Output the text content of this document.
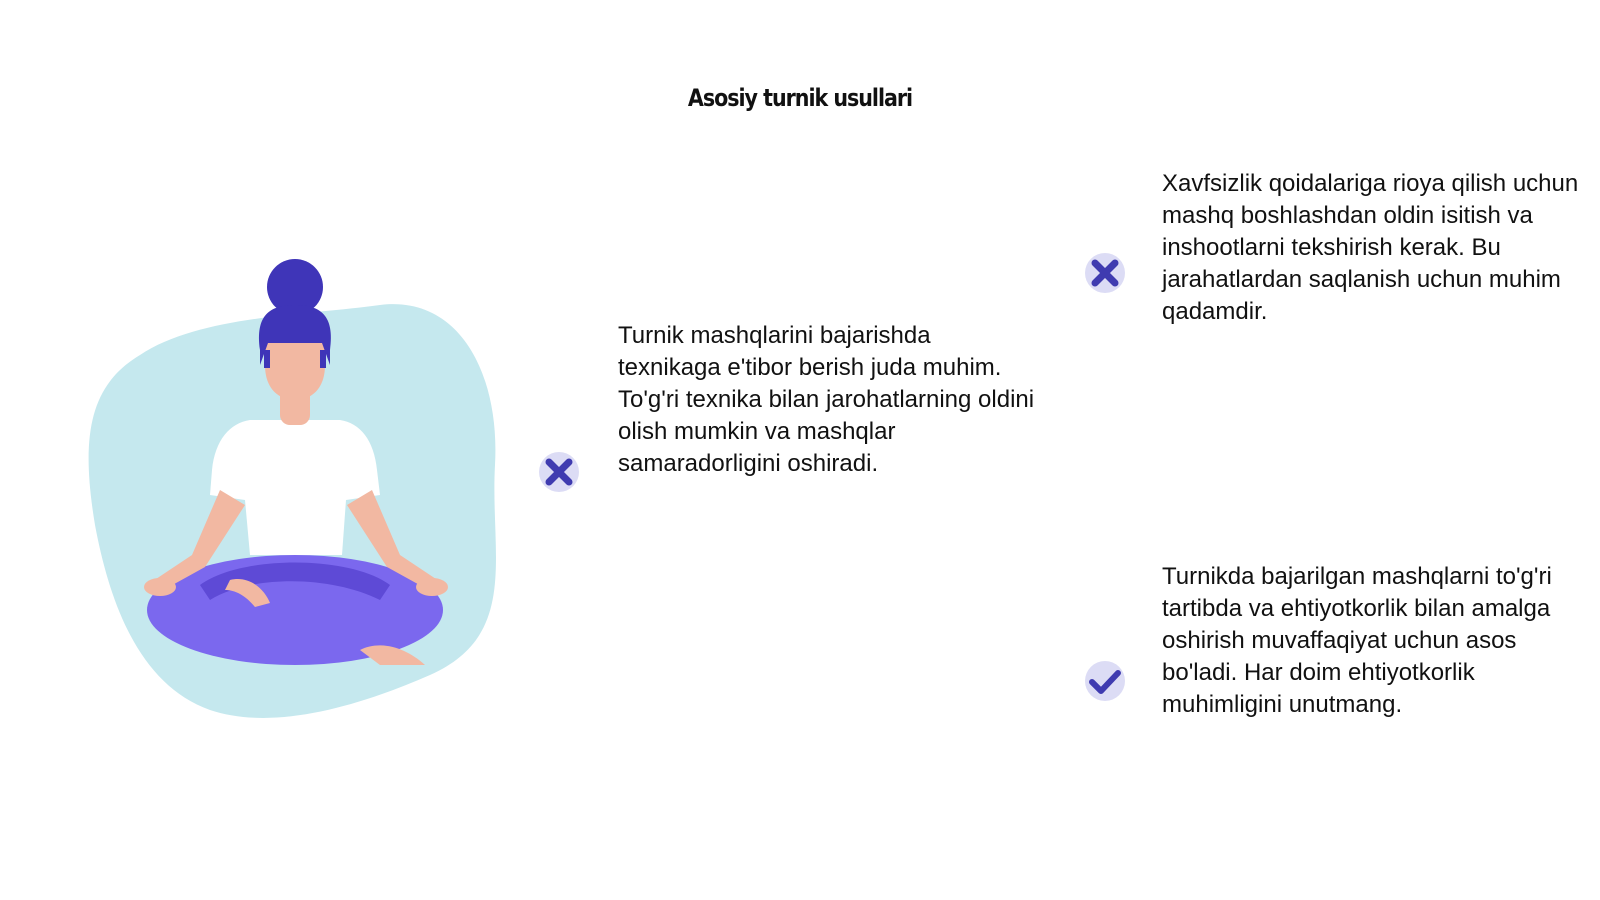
Asosiy turnik usullari
Turnik mashqlarini bajarishda texnikaga e'tibor berish juda muhim. To'g'ri texnika bilan jarohatlarning oldini olish mumkin va mashqlar samaradorligini oshiradi.
Xavfsizlik qoidalariga rioya qilish uchun mashq boshlashdan oldin isitish va inshootlarni tekshirish kerak. Bu jarahatlardan saqlanish uchun muhim qadamdir.
Turnikda bajarilgan mashqlarni to'g'ri tartibda va ehtiyotkorlik bilan amalga oshirish muvaffaqiyat uchun asos bo'ladi. Har doim ehtiyotkorlik muhimligini unutmang.
